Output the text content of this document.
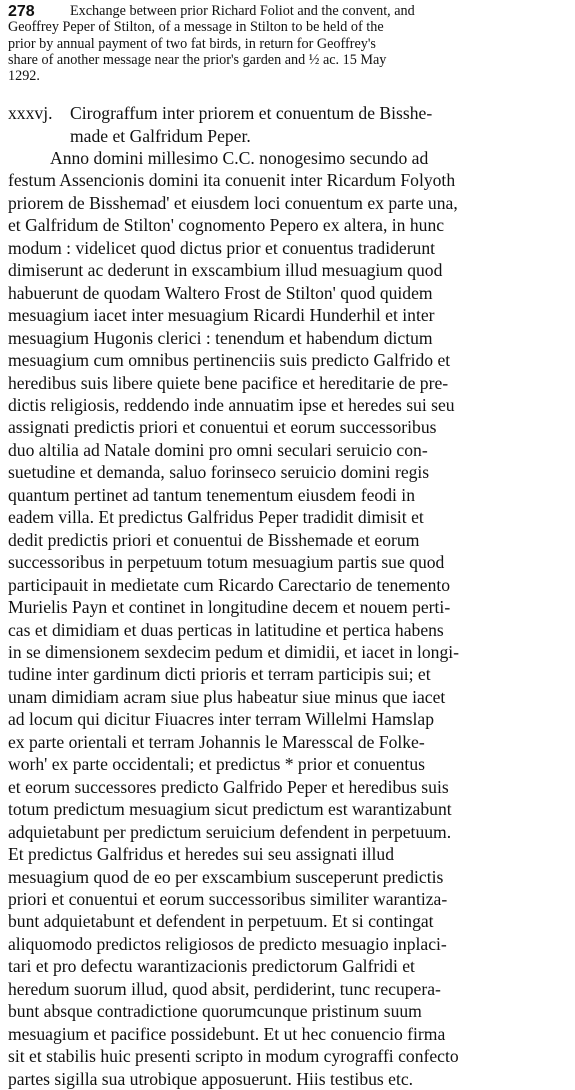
278	Exchange between prior Richard Foliot and the convent, and
Geoffrey Peper of Stilton, of a message in Stilton to be held of the
prior by annual payment of two fat birds, in return for Geoffrey's
share of another message near the prior's garden and ½ ac. 15 May
1292.
xxxvj. Cirograffum inter priorem et conuentum de Bisshe-
made et Galfridum Peper.
Anno domini millesimo C.C. nonogesimo secundo ad
festum Assencionis domini ita conuenit inter Ricardum Folyoth
priorem de Bisshemad' et eiusdem loci conuentum ex parte una,
et Galfridum de Stilton' cognomento Pepero ex altera, in hunc
modum : videlicet quod dictus prior et conuentus tradiderunt
dimiserunt ac dederunt in exscambium illud mesuagium quod
habuerunt de quodam Waltero Frost de Stilton' quod quidem
mesuagium iacet inter mesuagium Ricardi Hunderhil et inter
mesuagium Hugonis clerici : tenendum et habendum dictum
mesuagium cum omnibus pertinenciis suis predicto Galfrido et
heredibus suis libere quiete bene pacifice et hereditarie de pre-
dictis religiosis, reddendo inde annuatim ipse et heredes sui seu
assignati predictis priori et conuentui et eorum successoribus
duo altilia ad Natale domini pro omni seculari seruicio con-
suetudine et demanda, saluo forinseco seruicio domini regis
quantum pertinet ad tantum tenementum eiusdem feodi in
eadem villa. Et predictus Galfridus Peper tradidit dimisit et
dedit predictis priori et conuentui de Bisshemade et eorum
successoribus in perpetuum totum mesuagium partis sue quod
participauit in medietate cum Ricardo Carectario de tenemento
Murielis Payn et continet in longitudine decem et nouem perti-
cas et dimidiam et duas perticas in latitudine et pertica habens
in se dimensionem sexdecim pedum et dimidii, et iacet in longi-
tudine inter gardinum dicti prioris et terram participis sui; et
unam dimidiam acram siue plus habeatur siue minus que iacet
ad locum qui dicitur Fiuacres inter terram Willelmi Hamslap
ex parte orientali et terram Johannis le Maresscal de Folke-
worh' ex parte occidentali; et predictus * prior et conuentus
et eorum successores predicto Galfrido Peper et heredibus suis
totum predictum mesuagium sicut predictum est warantizabunt
adquietabunt per predictum seruicium defendent in perpetuum.
Et predictus Galfridus et heredes sui seu assignati illud
mesuagium quod de eo per exscambium susceperunt predictis
priori et conuentui et eorum successoribus similiter warantiza-
bunt adquietabunt et defendent in perpetuum. Et si contingat
aliquomodo predictos religiosos de predicto mesuagio inplaci-
tari et pro defectu warantizacionis predictorum Galfridi et
heredum suorum illud, quod absit, perdiderint, tunc recupera-
bunt absque contradictione quorumcunque pristinum suum
mesuagium et pacifice possidebunt. Et ut hec conuencio firma
sit et stabilis huic presenti scripto in modum cyrograffi confecto
partes sigilla sua utrobique apposuerunt. Hiis testibus etc.
